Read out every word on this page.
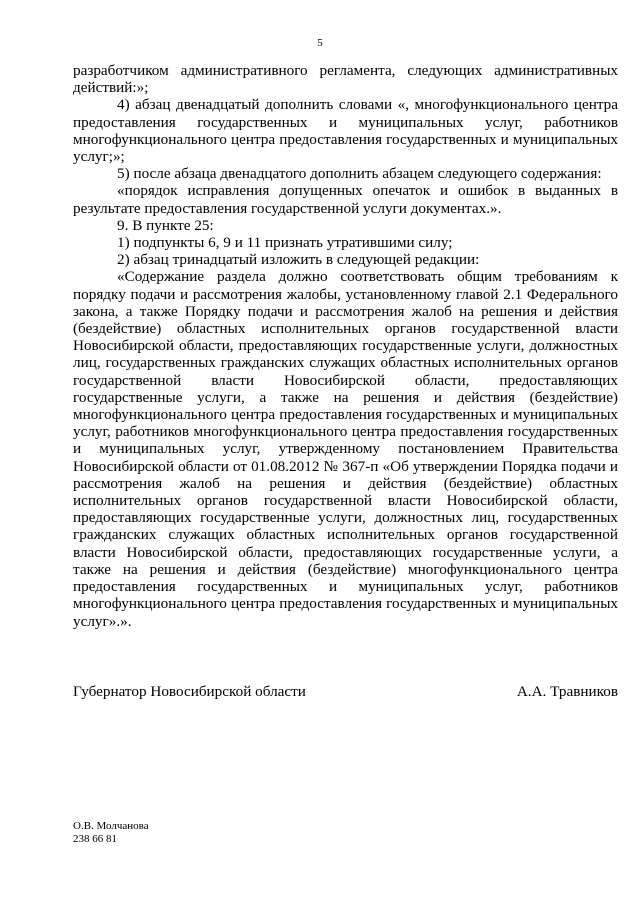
5

разработчиком административного регламента, следующих административных действий:»;

4) абзац двенадцатый дополнить словами «, многофункционального центра предоставления государственных и муниципальных услуг, работников многофункционального центра предоставления государственных и муниципальных услуг;»;

5) после абзаца двенадцатого дополнить абзацем следующего содержания:

«порядок исправления допущенных опечаток и ошибок в выданных в результате предоставления государственной услуги документах.».

9. В пункте 25:

1) подпункты 6, 9 и 11 признать утратившими силу;

2) абзац тринадцатый изложить в следующей редакции:

«Содержание раздела должно соответствовать общим требованиям к порядку подачи и рассмотрения жалобы, установленному главой 2.1 Федерального закона, а также Порядку подачи и рассмотрения жалоб на решения и действия (бездействие) областных исполнительных органов государственной власти Новосибирской области, предоставляющих государственные услуги, должностных лиц, государственных гражданских служащих областных исполнительных органов государственной власти Новосибирской области, предоставляющих государственные услуги, а также на решения и действия (бездействие) многофункционального центра предоставления государственных и муниципальных услуг, работников многофункционального центра предоставления государственных и муниципальных услуг, утвержденному постановлением Правительства Новосибирской области от 01.08.2012 № 367-п «Об утверждении Порядка подачи и рассмотрения жалоб на решения и действия (бездействие) областных исполнительных органов государственной власти Новосибирской области, предоставляющих государственные услуги, должностных лиц, государственных гражданских служащих областных исполнительных органов государственной власти Новосибирской области, предоставляющих государственные услуги, а также на решения и действия (бездействие) многофункционального центра предоставления государственных и муниципальных услуг, работников многофункционального центра предоставления государственных и муниципальных услуг».».

Губернатор Новосибирской области	А.А. Травников
О.В. Молчанова
238 66 81
